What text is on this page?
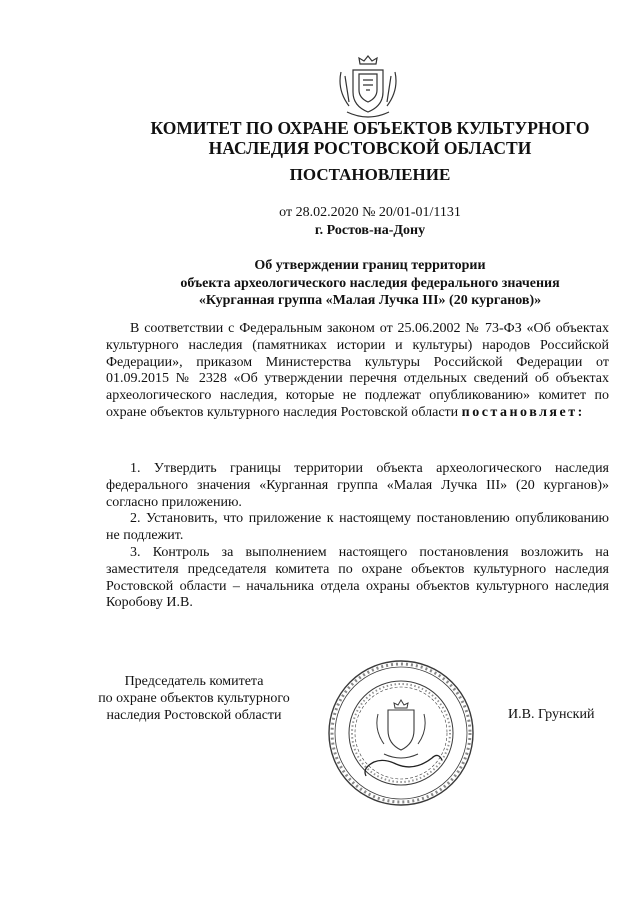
КОМИТЕТ ПО ОХРАНЕ ОБЪЕКТОВ КУЛЬТУРНОГО
НАСЛЕДИЯ РОСТОВСКОЙ ОБЛАСТИ
ПОСТАНОВЛЕНИЕ
от 28.02.2020 № 20/01-01/1131
г. Ростов-на-Дону
Об утверждении границ территории
объекта археологического наследия федерального значения
«Курганная группа «Малая Лучка III» (20 курганов)»
В соответствии с Федеральным законом от 25.06.2002 № 73-ФЗ «Об объектах культурного наследия (памятниках истории и культуры) народов Российской Федерации», приказом Министерства культуры Российской Федерации от 01.09.2015 № 2328 «Об утверждении перечня отдельных сведений об объектах археологического наследия, которые не подлежат опубликованию» комитет по охране объектов культурного наследия Ростовской области постановляет:

1. Утвердить границы территории объекта археологического наследия федерального значения «Курганная группа «Малая Лучка III» (20 курганов)» согласно приложению.

2. Установить, что приложение к настоящему постановлению опубликованию не подлежит.

3. Контроль за выполнением настоящего постановления возложить на заместителя председателя комитета по охране объектов культурного наследия Ростовской области – начальника отдела охраны объектов культурного наследия Коробову И.В.

Председатель комитета
по охране объектов культурного
наследия Ростовской области	И.В. Грунский
